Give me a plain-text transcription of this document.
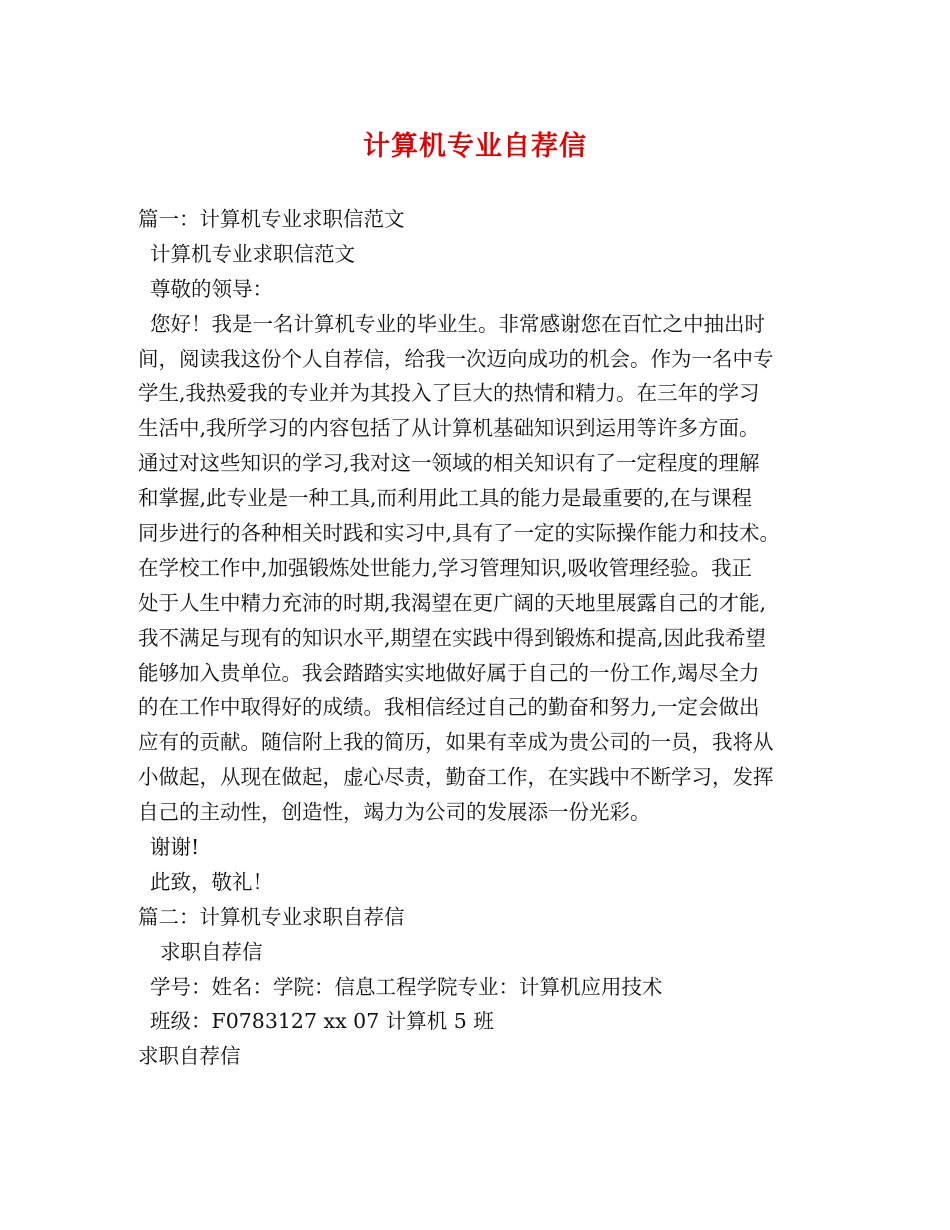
计算机专业自荐信
篇一：计算机专业求职信范文
计算机专业求职信范文
尊敬的领导：
您好！我是一名计算机专业的毕业生。非常感谢您在百忙之中抽出时
间，阅读我这份个人自荐信，给我一次迈向成功的机会。作为一名中专
学生,我热爱我的专业并为其投入了巨大的热情和精力。在三年的学习
生活中,我所学习的内容包括了从计算机基础知识到运用等许多方面。
通过对这些知识的学习,我对这一领域的相关知识有了一定程度的理解
和掌握,此专业是一种工具,而利用此工具的能力是最重要的,在与课程
同步进行的各种相关时践和实习中,具有了一定的实际操作能力和技术。
在学校工作中,加强锻炼处世能力,学习管理知识,吸收管理经验。我正
处于人生中精力充沛的时期,我渴望在更广阔的天地里展露自己的才能,
我不满足与现有的知识水平,期望在实践中得到锻炼和提高,因此我希望
能够加入贵单位。我会踏踏实实地做好属于自己的一份工作,竭尽全力
的在工作中取得好的成绩。我相信经过自己的勤奋和努力,一定会做出
应有的贡献。随信附上我的简历，如果有幸成为贵公司的一员，我将从
小做起，从现在做起，虚心尽责，勤奋工作，在实践中不断学习，发挥
自己的主动性，创造性，竭力为公司的发展添一份光彩。
谢谢!
此致，敬礼！
篇二：计算机专业求职自荐信
求职自荐信
学号：姓名：学院：信息工程学院专业：计算机应用技术
班级：F0783127 xx 07 计算机 5 班
求职自荐信
